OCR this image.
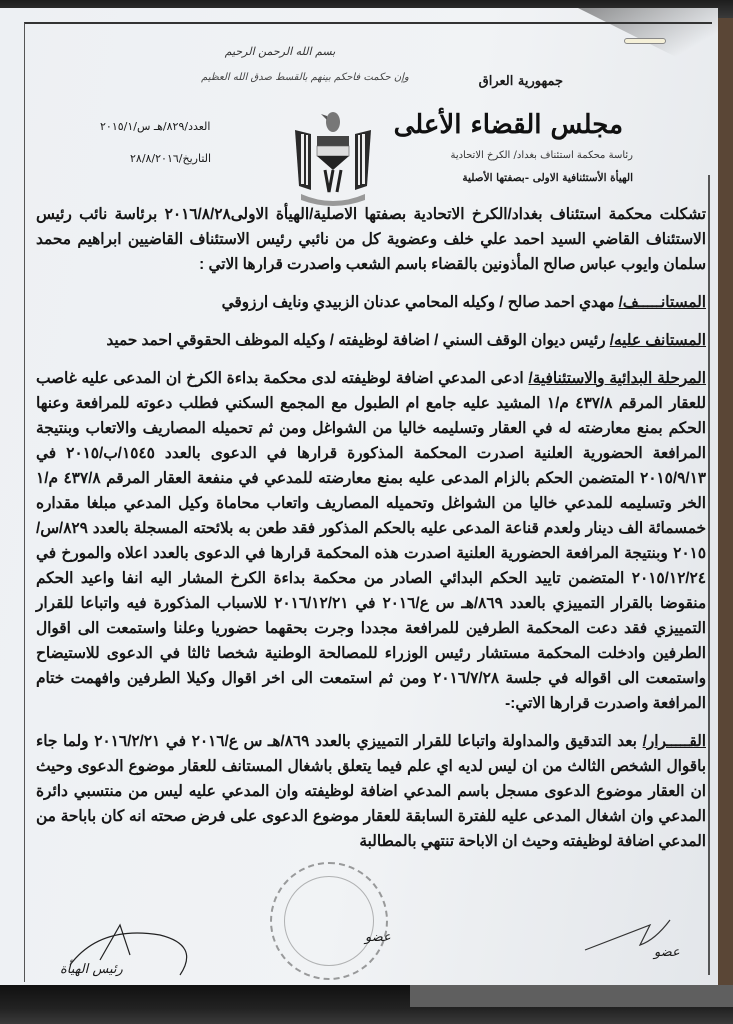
بسم الله الرحمن الرحيم
وإن حكمت فاحكم بينهم بالقسط صدق الله العظيم	جمهورية العراق
مجلس القضاء الأعلى
رئاسة محكمة استئناف بغداد/ الكرخ الاتحادية
الهيأة الأستئنافية الاولى -بصفتها الأصلية
العدد/٨٢٩/هـ س/٢٠١٥/١
التاريخ/٢٨/٨/٢٠١٦

تشكلت محكمة استئناف بغداد/الكرخ الاتحادية بصفتها الاصلية/الهيأة الاولى٢٠١٦/٨/٢٨ برئاسة نائب رئيس الاستئناف القاضي السيد احمد علي خلف وعضوية كل من نائبي رئيس الاستئناف القاضيين ابراهيم محمد سلمان وايوب عباس صالح المأذونين بالقضاء باسم الشعب واصدرت قرارها الاتي :

المستانـــــف/ مهدي احمد صالح / وكيله المحامي عدنان الزبيدي ونايف ارزوقي

المستانف عليه/ رئيس ديوان الوقف السني / اضافة لوظيفته / وكيله الموظف الحقوقي احمد حميد

المرحلة البدائية والاستئنافية/ ادعى المدعي اضافة لوظيفته لدى محكمة بداءة الكرخ ان المدعى عليه غاصب للعقار المرقم ٤٣٧/٨ م/١ المشيد عليه جامع ام الطبول مع المجمع السكني فطلب دعوته للمرافعة وعنها الحكم بمنع معارضته له في العقار وتسليمه خاليا من الشواغل ومن ثم تحميله المصاريف والاتعاب وبنتيجة المرافعة الحضورية العلنية اصدرت المحكمة المذكورة قرارها في الدعوى بالعدد ١٥٤٥/ب/٢٠١٥ في ٢٠١٥/٩/١٣ المتضمن الحكم بالزام المدعى عليه بمنع معارضته للمدعي في منفعة العقار المرقم ٤٣٧/٨ م/١ الخر وتسليمه للمدعي خاليا من الشواغل وتحميله المصاريف واتعاب محاماة وكيل المدعي مبلغا مقداره خمسمائة الف دينار ولعدم قناعة المدعى عليه بالحكم المذكور فقد طعن به بلائحته المسجلة بالعدد ٨٢٩/س/٢٠١٥ وبنتيجة المرافعة الحضورية العلنية اصدرت هذه المحكمة قرارها في الدعوى بالعدد اعلاه والمورخ في ٢٠١٥/١٢/٢٤ المتضمن تاييد الحكم البدائي الصادر من محكمة بداءة الكرخ المشار اليه انفا واعيد الحكم منقوضا بالقرار التمييزي بالعدد ٨٦٩/هـ س ع/٢٠١٦ في ٢٠١٦/١٢/٢١ للاسباب المذكورة فيه واتباعا للقرار التمييزي فقد دعت المحكمة الطرفين للمرافعة مجددا وجرت بحقهما حضوريا وعلنا واستمعت الى اقوال الطرفين وادخلت المحكمة مستشار رئيس الوزراء للمصالحة الوطنية شخصا ثالثا في الدعوى للاستيضاح واستمعت الى اقواله في جلسة ٢٠١٦/٧/٢٨ ومن ثم استمعت الى اخر اقوال وكيلا الطرفين وافهمت ختام المرافعة واصدرت قرارها الاتي:-

القـــــرار/ بعد التدقيق والمداولة واتباعا للقرار التمييزي بالعدد ٨٦٩/هـ س ع/٢٠١٦ في ٢٠١٦/٢/٢١ ولما جاء باقوال الشخص الثالث من ان ليس لديه اي علم فيما يتعلق باشغال المستانف للعقار موضوع الدعوى وحيث ان العقار موضوع الدعوى مسجل باسم المدعي اضافة لوظيفته وان المدعي عليه ليس من منتسبي دائرة المدعي وان اشغال المدعى عليه للفترة السابقة للعقار موضوع الدعوى على فرض صحته انه كان باباحة من المدعي اضافة لوظيفته وحيث ان الاباحة تنتهي بالمطالبة

رئيس الهيأة
عضو
عضو
